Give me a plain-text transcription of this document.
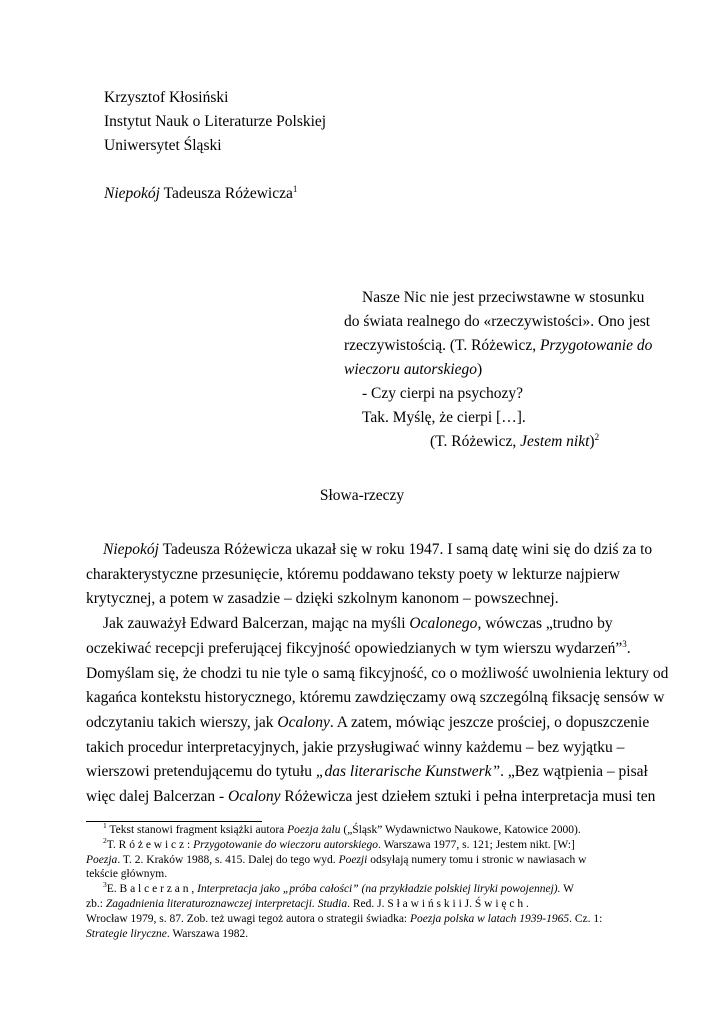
Krzysztof Kłosiński
Instytut Nauk o Literaturze Polskiej
Uniwersytet Śląski
Niepokój Tadeusza Różewicza$^1$
Nasze Nic nie jest przeciwstawne w stosunku
do świata realnego do «rzeczywistości». Ono jest
rzeczywistością. (T. Różewicz, Przygotowanie do
wieczoru autorskiego)
- Czy cierpi na psychozy?
Tak. Myślę, że cierpi […].
(T. Różewicz, Jestem nikt)$^2$
Słowa-rzeczy
Niepokój Tadeusza Różewicza ukazał się w roku 1947. I samą datę wini się do dziś za to
charakterystyczne przesunięcie, któremu poddawano teksty poety w lekturze najpierw
krytycznej, a potem w zasadzie – dzięki szkolnym kanonom – powszechnej.
Jak zauważył Edward Balcerzan, mając na myśli Ocalonego, wówczas „trudno by
oczekiwać recepcji preferującej fikcyjność opowiedzianych w tym wierszu wydarzeń”$^3$.
Domyślam się, że chodzi tu nie tyle o samą fikcyjność, co o możliwość uwolnienia lektury od
kagańca kontekstu historycznego, któremu zawdzięczamy ową szczególną fiksację sensów w
odczytaniu takich wierszy, jak Ocalony. A zatem, mówiąc jeszcze prościej, o dopuszczenie
takich procedur interpretacyjnych, jakie przysługiwać winny każdemu – bez wyjątku –
wierszowi pretendującemu do tytułu „das literarische Kunstwerk”. „Bez wątpienia – pisał
więc dalej Balcerzan - Ocalony Różewicza jest dziełem sztuki i pełna interpretacja musi ten
$^1$ Tekst stanowi fragment książki autora Poezja żalu („Śląsk” Wydawnictwo Naukowe, Katowice 2000).
$^2$T. R ó ż e w i c z : Przygotowanie do wieczoru autorskiego. Warszawa 1977, s. 121; Jestem nikt. [W:]
Poezja. T. 2. Kraków 1988, s. 415. Dalej do tego wyd. Poezji odsyłają numery tomu i stronic w nawiasach w
tekście głównym.
$^3$E. B a l c e r z a n , Interpretacja jako „próba całości” (na przykładzie polskiej liryki powojennej). W
zb.: Zagadnienia literaturoznawczej interpretacji. Studia. Red. J. S ł a w i ń s k i i J. Ś w i ę c h .
Wrocław 1979, s. 87. Zob. też uwagi tegoż autora o strategii świadka: Poezja polska w latach 1939-1965. Cz. 1:
Strategie liryczne. Warszawa 1982.
